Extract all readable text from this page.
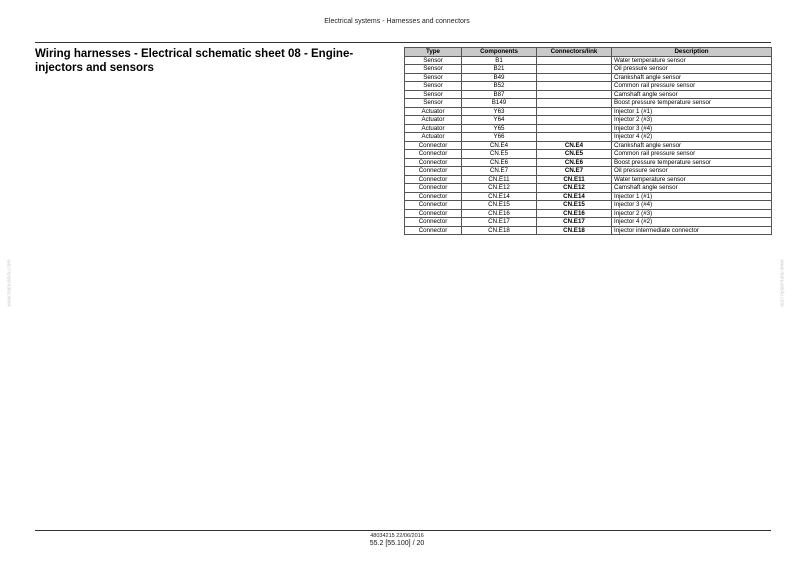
Electrical systems - Harnesses and connectors
Wiring harnesses - Electrical schematic sheet 08 - Engine-injectors and sensors
Type	Components	Connectors/link	Description
Sensor	B1		Water temperature sensor
Sensor	B21		Oil pressure sensor
Sensor	B49		Crankshaft angle sensor
Sensor	B52		Common rail pressure sensor
Sensor	B87		Camshaft angle sensor
Sensor	B149		Boost pressure temperature sensor
Actuator	Y63		Injector 1 (#1)
Actuator	Y64		Injector 2 (#3)
Actuator	Y65		Injector 3 (#4)
Actuator	Y66		Injector 4 (#2)
Connector	CN.E4	CN.E4	Crankshaft angle sensor
Connector	CN.E5	CN.E5	Common rail pressure sensor
Connector	CN.E6	CN.E6	Boost pressure temperature sensor
Connector	CN.E7	CN.E7	Oil pressure sensor
Connector	CN.E11	CN.E11	Water temperature sensor
Connector	CN.E12	CN.E12	Camshaft angle sensor
Connector	CN.E14	CN.E14	Injector 1 (#1)
Connector	CN.E15	CN.E15	Injector 3 (#4)
Connector	CN.E16	CN.E16	Injector 2 (#3)
Connector	CN.E17	CN.E17	Injector 4 (#2)
Connector	CN.E18	CN.E18	Injector intermediate connector
www.manuals4u.com	www.manuals4u.com
48034215 22/06/2016
55.2 [55.100] / 20
